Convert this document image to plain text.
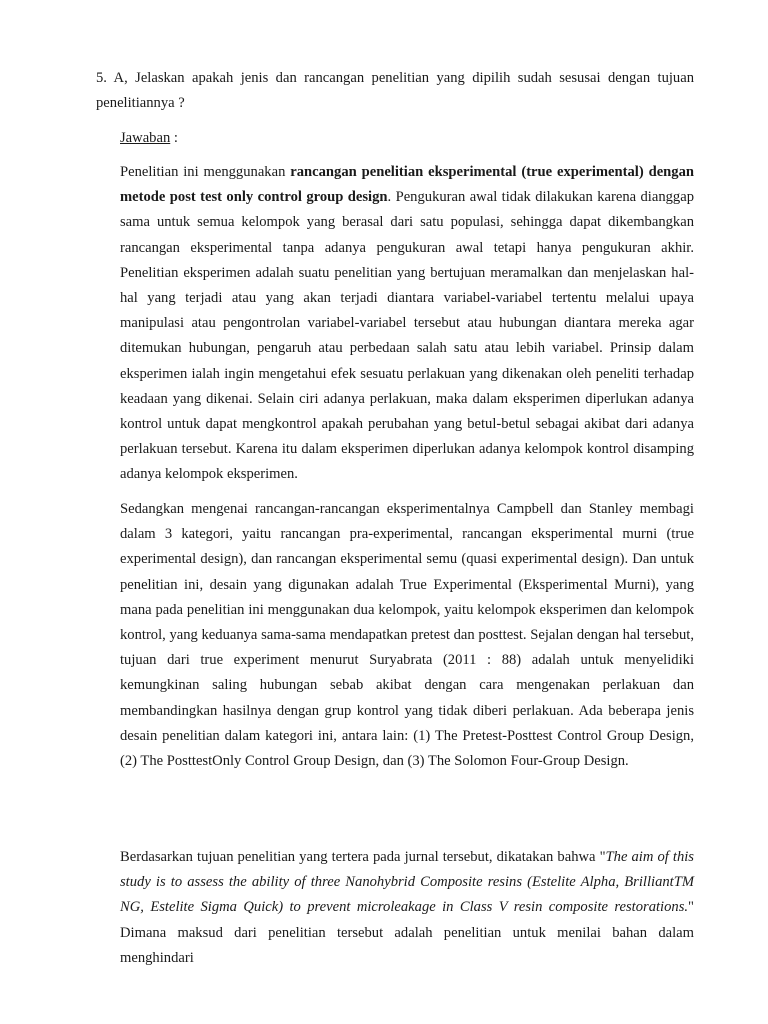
5. A, Jelaskan apakah jenis dan rancangan penelitian yang dipilih sudah sesusai dengan tujuan penelitiannya ?

Jawaban :

Penelitian ini menggunakan rancangan penelitian eksperimental (true experimental) dengan metode post test only control group design. Pengukuran awal tidak dilakukan karena dianggap sama untuk semua kelompok yang berasal dari satu populasi, sehingga dapat dikembangkan rancangan eksperimental tanpa adanya pengukuran awal tetapi hanya pengukuran akhir. Penelitian eksperimen adalah suatu penelitian yang bertujuan meramalkan dan menjelaskan hal-hal yang terjadi atau yang akan terjadi diantara variabel-variabel tertentu melalui upaya manipulasi atau pengontrolan variabel-variabel tersebut atau hubungan diantara mereka agar ditemukan hubungan, pengaruh atau perbedaan salah satu atau lebih variabel. Prinsip dalam eksperimen ialah ingin mengetahui efek sesuatu perlakuan yang dikenakan oleh peneliti terhadap keadaan yang dikenai. Selain ciri adanya perlakuan, maka dalam eksperimen diperlukan adanya kontrol untuk dapat mengkontrol apakah perubahan yang betul-betul sebagai akibat dari adanya perlakuan tersebut. Karena itu dalam eksperimen diperlukan adanya kelompok kontrol disamping adanya kelompok eksperimen.

Sedangkan mengenai rancangan-rancangan eksperimentalnya Campbell dan Stanley membagi dalam 3 kategori, yaitu rancangan pra-experimental, rancangan eksperimental murni (true experimental design), dan rancangan eksperimental semu (quasi experimental design). Dan untuk penelitian ini, desain yang digunakan adalah True Experimental (Eksperimental Murni), yang mana pada penelitian ini menggunakan dua kelompok, yaitu kelompok eksperimen dan kelompok kontrol, yang keduanya sama-sama mendapatkan pretest dan posttest. Sejalan dengan hal tersebut, tujuan dari true experiment menurut Suryabrata (2011 : 88) adalah untuk menyelidiki kemungkinan saling hubungan sebab akibat dengan cara mengenakan perlakuan dan membandingkan hasilnya dengan grup kontrol yang tidak diberi perlakuan. Ada beberapa jenis desain penelitian dalam kategori ini, antara lain: (1) The Pretest-Posttest Control Group Design, (2) The PosttestOnly Control Group Design, dan (3) The Solomon Four-Group Design.

Berdasarkan tujuan penelitian yang tertera pada jurnal tersebut, dikatakan bahwa "The aim of this study is to assess the ability of three Nanohybrid Composite resins (Estelite Alpha, BrilliantTM NG, Estelite Sigma Quick) to prevent microleakage in Class V resin composite restorations." Dimana maksud dari penelitian tersebut adalah penelitian untuk menilai bahan dalam menghindari
